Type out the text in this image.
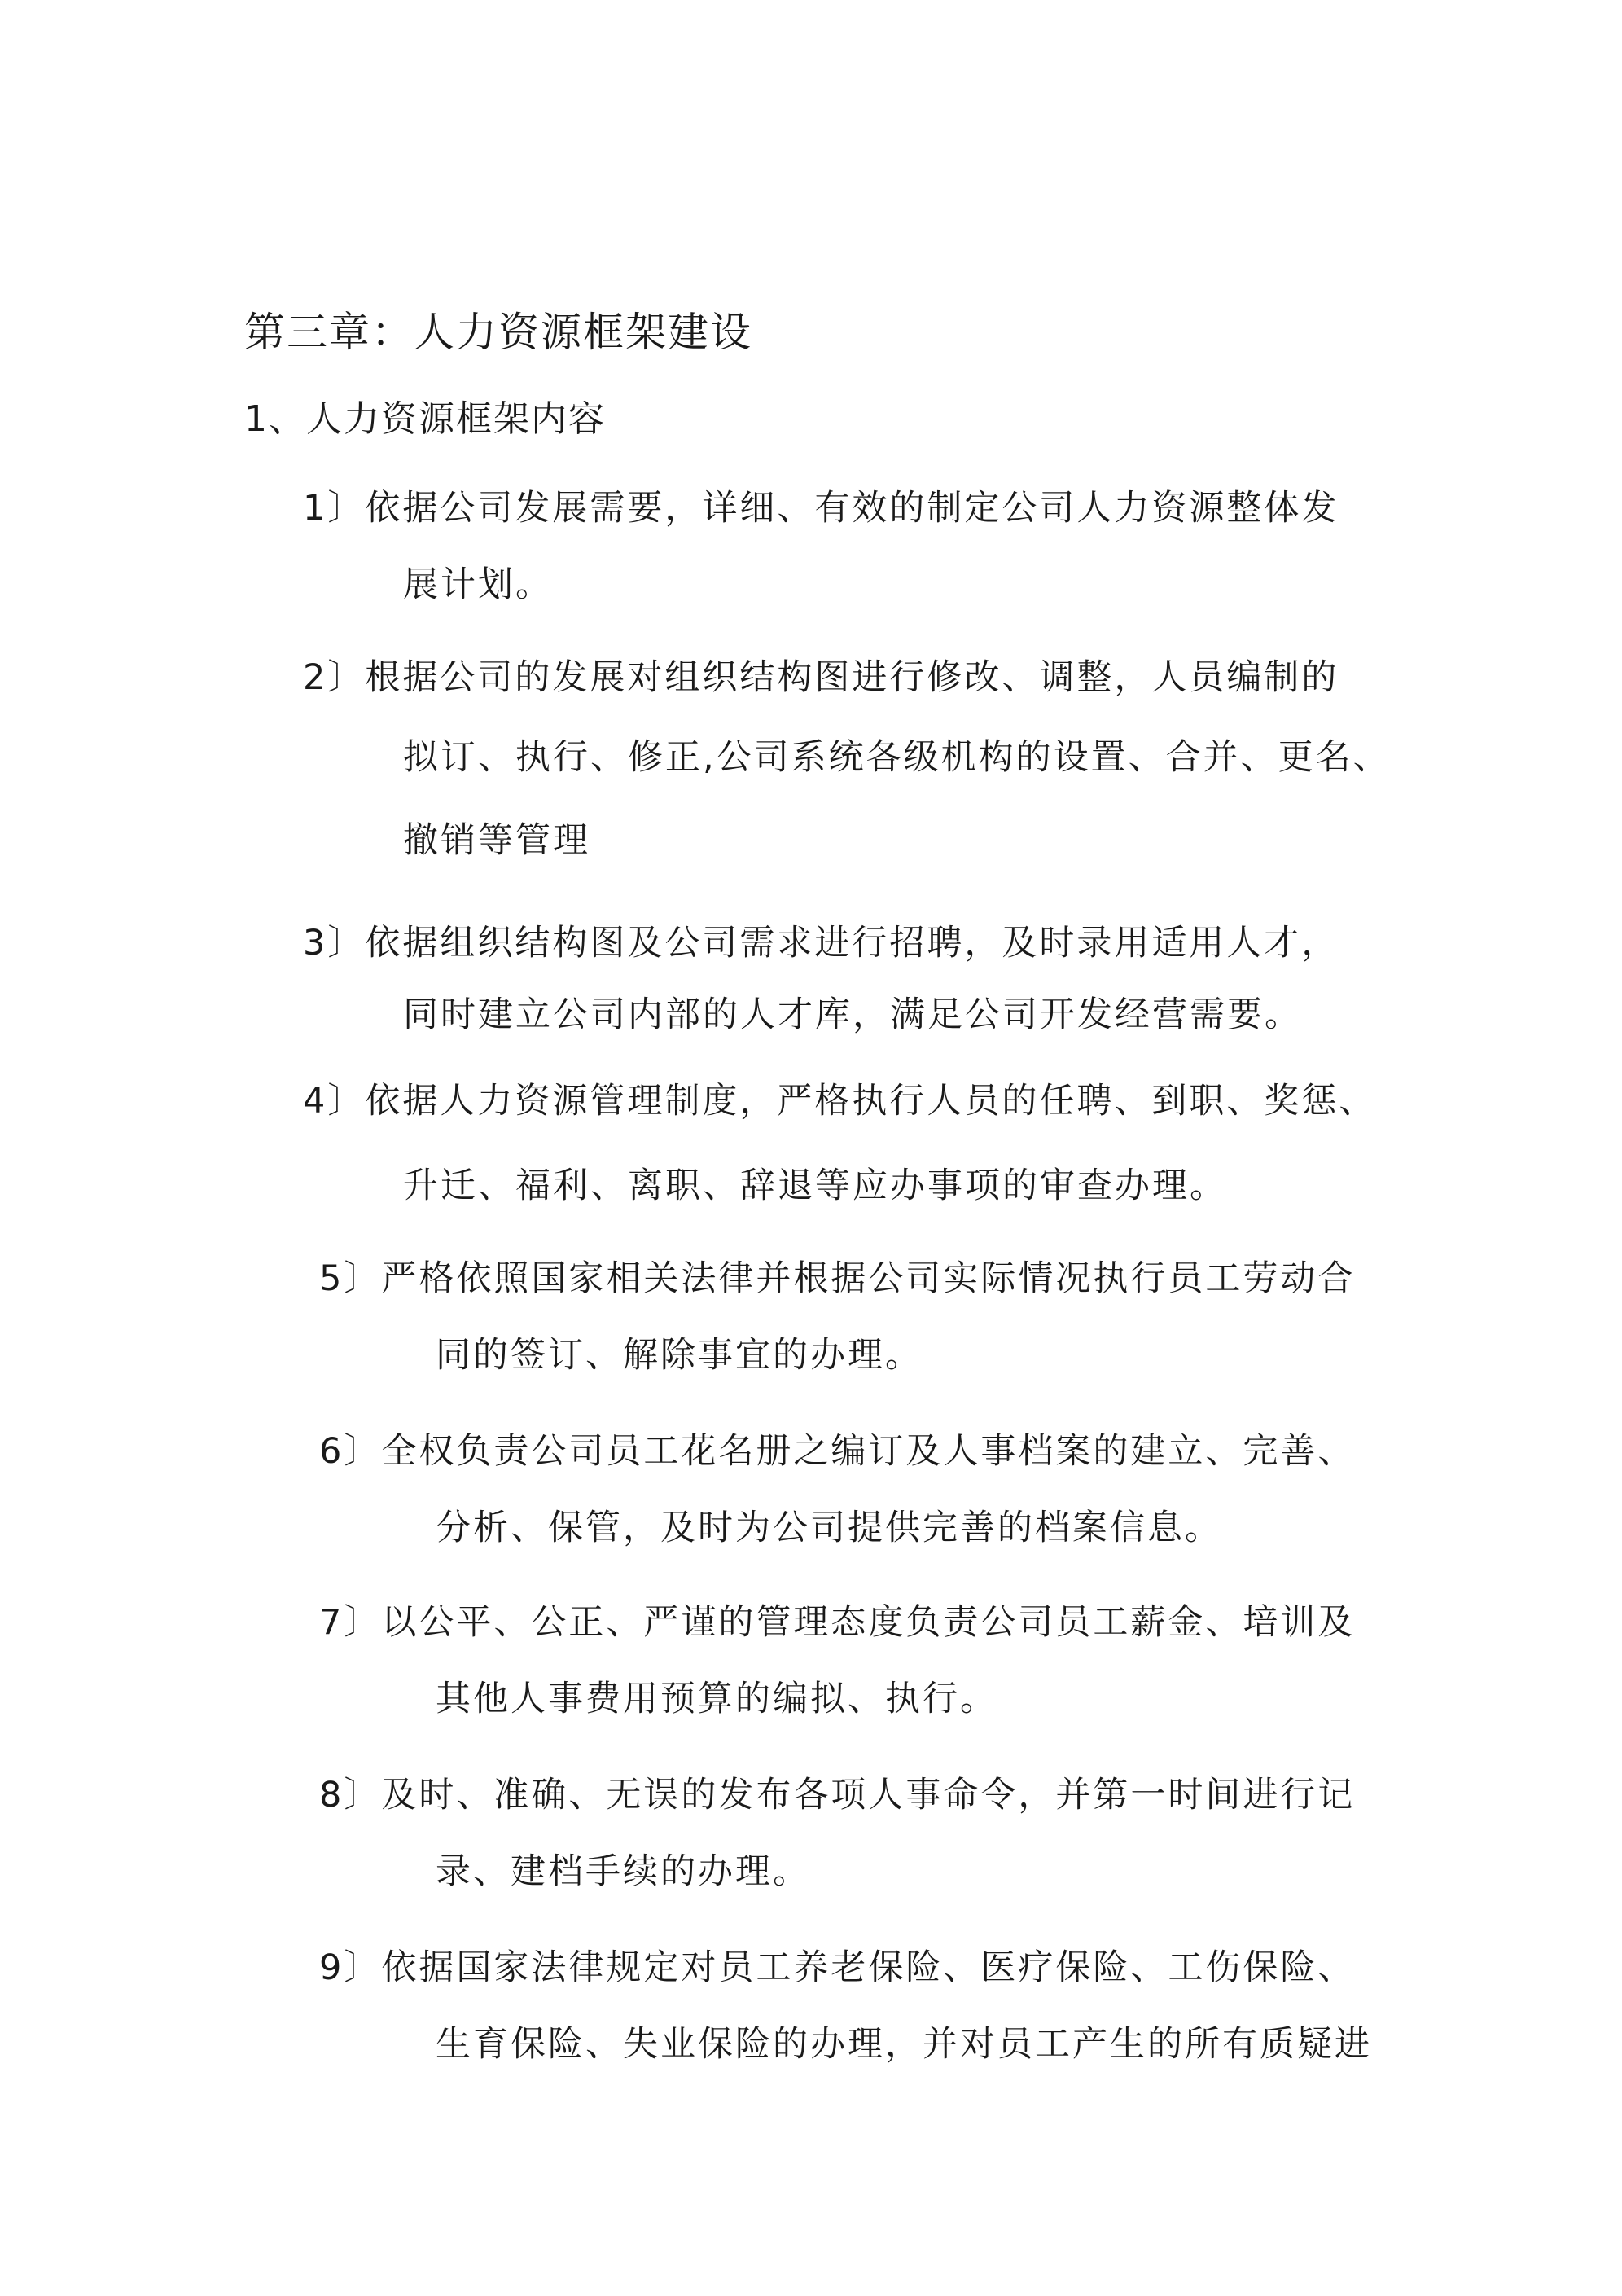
第三章：人力资源框架建设
1、人力资源框架内容
1〕依据公司发展需要，详细、有效的制定公司人力资源整体发
展计划。
2〕根据公司的发展对组织结构图进行修改、调整，人员编制的
拟订、执行、修正,公司系统各级机构的设置、合并、更名、
撤销等管理
3〕依据组织结构图及公司需求进行招聘，及时录用适用人才，
同时建立公司内部的人才库，满足公司开发经营需要。
4〕依据人力资源管理制度，严格执行人员的任聘、到职、奖惩、
升迁、福利、离职、辞退等应办事项的审查办理。
5〕严格依照国家相关法律并根据公司实际情况执行员工劳动合
同的签订、解除事宜的办理。
6〕全权负责公司员工花名册之编订及人事档案的建立、完善、
分析、保管，及时为公司提供完善的档案信息。
7〕以公平、公正、严谨的管理态度负责公司员工薪金、培训及
其他人事费用预算的编拟、执行。
8〕及时、准确、无误的发布各项人事命令，并第一时间进行记
录、建档手续的办理。
9〕依据国家法律规定对员工养老保险、医疗保险、工伤保险、
生育保险、失业保险的办理，并对员工产生的所有质疑进
